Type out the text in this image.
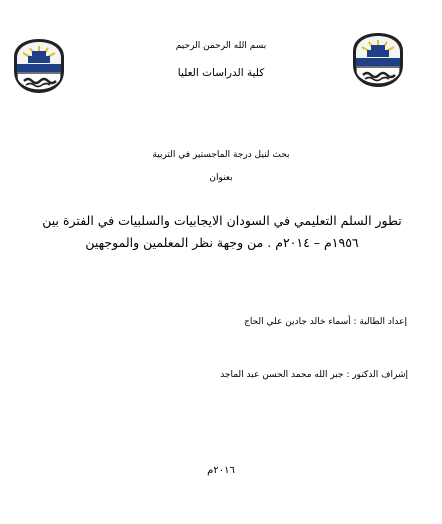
بسم الله الرحمن الرحيم
كلية الدراسات العليا
بحث لنيل درجة الماجستير في التربية
بعنوان
تطور السلم التعليمي في السودان الايجابيات والسلبيات في الفترة بين ١٩٥٦م – ٢٠١٤م . من وجهة نظر المعلمين والموجهين
إعداد الطالبة : أسماء خالد جادين علي الحاج
إشراف الدكتور : جبر الله محمد الحسن عبد الماجد
٢٠١٦م
